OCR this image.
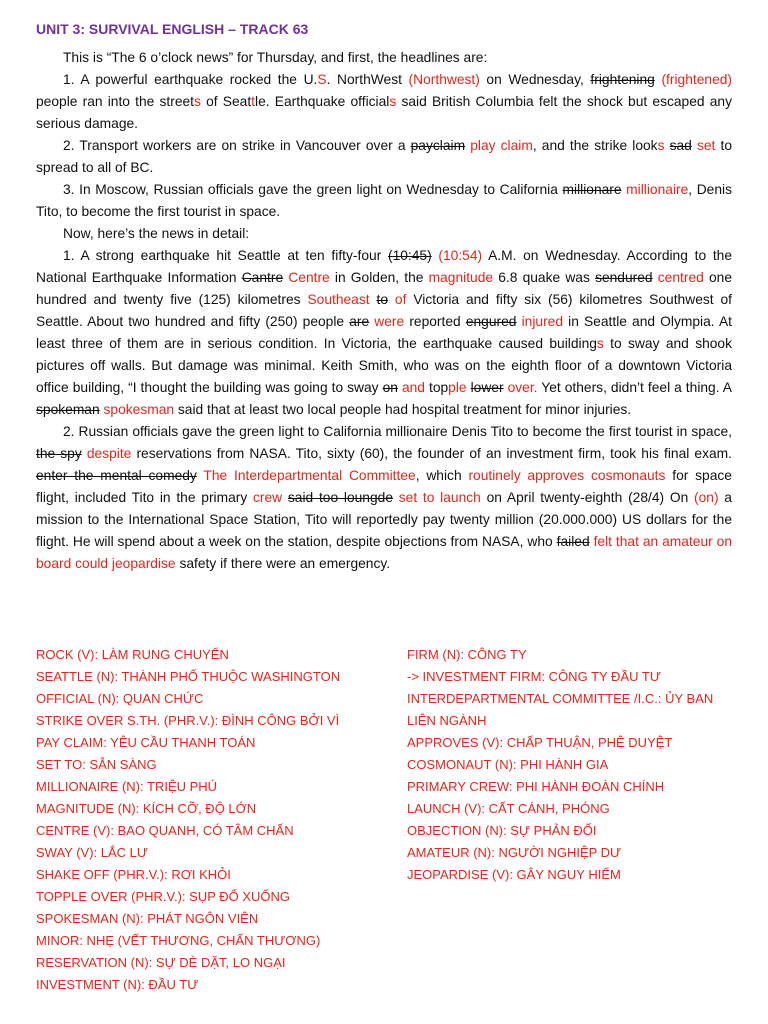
UNIT 3: SURVIVAL ENGLISH – TRACK 63

This is “The 6 o’clock news” for Thursday, and first, the headlines are:

1. A powerful earthquake rocked the U.S. NorthWest (Northwest) on Wednesday, frightening (frightened) people ran into the streets of Seattle. Earthquake officials said British Columbia felt the shock but escaped any serious damage.

2. Transport workers are on strike in Vancouver over a payclaim play claim, and the strike looks sad set to spread to all of BC.

3. In Moscow, Russian officials gave the green light on Wednesday to California millionare millionaire, Denis Tito, to become the first tourist in space.

Now, here’s the news in detail:

1. A strong earthquake hit Seattle at ten fifty-four (10:45) (10:54) A.M. on Wednesday. According to the National Earthquake Information Cantre Centre in Golden, the magnitude 6.8 quake was sendured centred one hundred and twenty five (125) kilometres Southeast to of Victoria and fifty six (56) kilometres Southwest of Seattle. About two hundred and fifty (250) people are were reported engured injured in Seattle and Olympia. At least three of them are in serious condition. In Victoria, the earthquake caused buildings to sway and shook pictures off walls. But damage was minimal. Keith Smith, who was on the eighth floor of a downtown Victoria office building, “I thought the building was going to sway on and topple lower over. Yet others, didn’t feel a thing. A spokeman spokesman said that at least two local people had hospital treatment for minor injuries.

2. Russian officials gave the green light to California millionaire Denis Tito to become the first tourist in space, the spy despite reservations from NASA. Tito, sixty (60), the founder of an investment firm, took his final exam. enter the mental comedy The Interdepartmental Committee, which routinely approves cosmonauts for space flight, included Tito in the primary crew said too loungde set to launch on April twenty-eighth (28/4) On (on) a mission to the International Space Station, Tito will reportedly pay twenty million (20.000.000) US dollars for the flight. He will spend about a week on the station, despite objections from NASA, who failed felt that an amateur on board could jeopardise safety if there were an emergency.

ROCK (V): LÀM RUNG CHUYỂN
SEATTLE (N): THÀNH PHỐ THUỘC WASHINGTON
OFFICIAL (N): QUAN CHỨC
STRIKE OVER S.TH. (PHR.V.): ĐÌNH CÔNG BỞI VÌ
PAY CLAIM: YÊU CẦU THANH TOÁN
SET TO: SẴN SÀNG
MILLIONAIRE (N): TRIỆU PHÚ
MAGNITUDE (N): KÍCH CỠ, ĐỘ LỚN
CENTRE (V): BAO QUANH, CÓ TÂM CHẤN
SWAY (V): LẮC LƯ
SHAKE OFF (PHR.V.): RƠI KHỎI
TOPPLE OVER (PHR.V.): SỤP ĐỔ XUỐNG
SPOKESMAN (N): PHÁT NGÔN VIÊN
MINOR: NHẸ (VẾT THƯƠNG, CHẤN THƯƠNG)
RESERVATION (N): SỰ DÈ DẶT, LO NGẠI
INVESTMENT (N): ĐẦU TƯ
FIRM (N): CÔNG TY
-> INVESTMENT FIRM: CÔNG TY ĐẦU TƯ
INTERDEPARTMENTAL COMMITTEE /I.C.: ỦY BAN LIÊN NGÀNH
APPROVES (V): CHẤP THUẬN, PHÊ DUYỆT
COSMONAUT (N): PHI HÀNH GIA
PRIMARY CREW: PHI HÀNH ĐOÀN CHÍNH
LAUNCH (V): CẤT CÁNH, PHÓNG
OBJECTION (N): SỰ PHẢN ĐỐI
AMATEUR (N): NGƯỜI NGHIỆP DƯ
JEOPARDISE (V): GÂY NGUY HIỂM
